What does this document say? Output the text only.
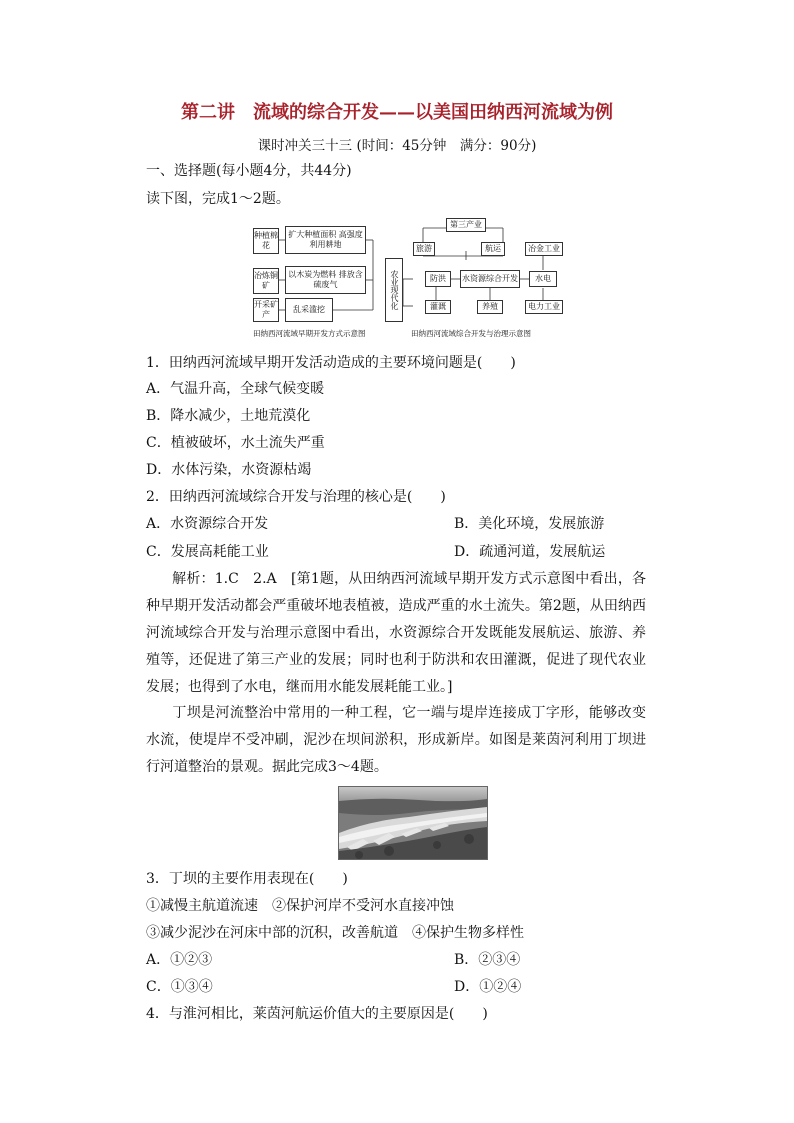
第二讲　流域的综合开发——以美国田纳西河流域为例
课时冲关三十三 (时间：45分钟　满分：90分)
一、选择题(每小题4分，共44分)
读下图，完成1～2题。
种植棉花
扩大种植面积 高强度利用耕地
冶炼铜矿
以木炭为燃料 排放含硫废气
开采矿产
乱采滥挖
田纳西河流域早期开发方式示意图
第三产业
旅游	航运	冶金工业
农业现代化	防洪	水资源综合开发	水电
灌溉	养殖	电力工业
田纳西河流域综合开发与治理示意图
1．田纳西河流域早期开发活动造成的主要环境问题是(　　)
A．气温升高，全球气候变暖
B．降水减少，土地荒漠化
C．植被破坏，水土流失严重
D．水体污染，水资源枯竭
2．田纳西河流域综合开发与治理的核心是(　　)
A．水资源综合开发	B．美化环境，发展旅游
C．发展高耗能工业	D．疏通河道，发展航运
解析：1.C　2.A　[第1题，从田纳西河流域早期开发方式示意图中看出，各种早期开发活动都会严重破坏地表植被，造成严重的水土流失。第2题，从田纳西河流域综合开发与治理示意图中看出，水资源综合开发既能发展航运、旅游、养殖等，还促进了第三产业的发展；同时也利于防洪和农田灌溉，促进了现代农业发展；也得到了水电，继而用水能发展耗能工业。]
丁坝是河流整治中常用的一种工程，它一端与堤岸连接成丁字形，能够改变水流，使堤岸不受冲刷，泥沙在坝间淤积，形成新岸。如图是莱茵河利用丁坝进行河道整治的景观。据此完成3～4题。
3．丁坝的主要作用表现在(　　)
①减慢主航道流速　②保护河岸不受河水直接冲蚀
③减少泥沙在河床中部的沉积，改善航道　④保护生物多样性
A．①②③	B．②③④
C．①③④	D．①②④
4．与淮河相比，莱茵河航运价值大的主要原因是(　　)
